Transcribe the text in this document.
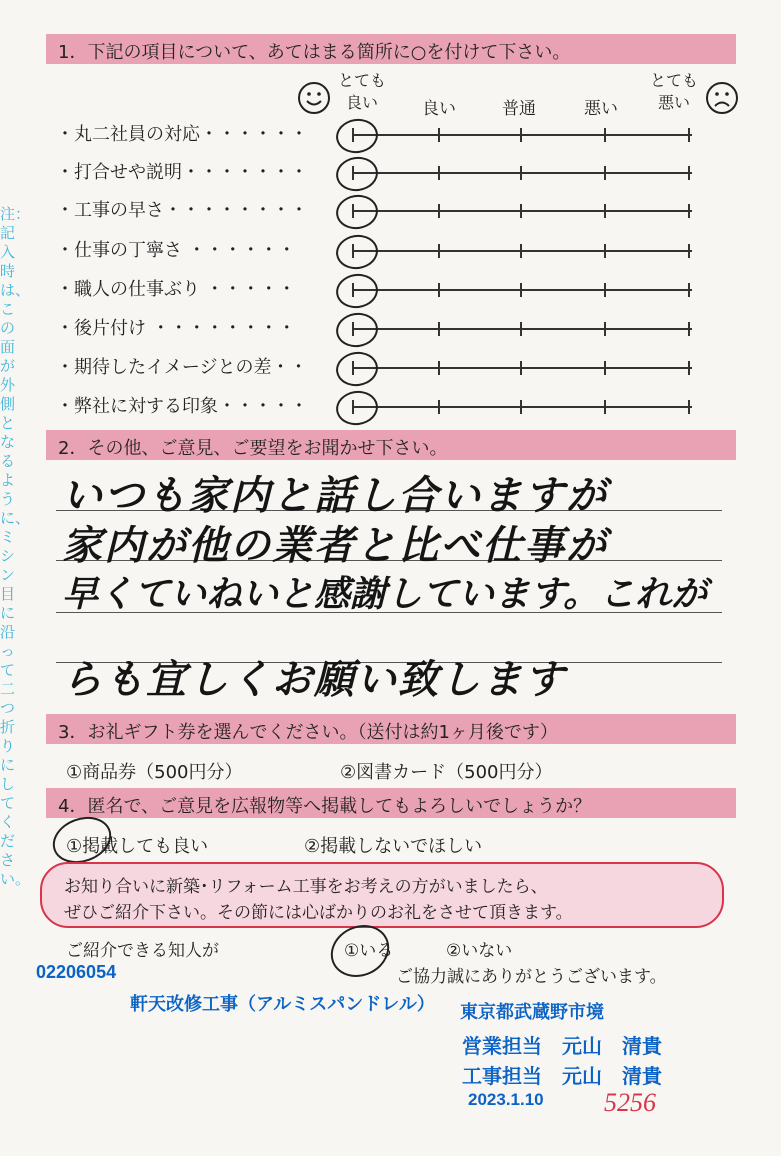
注：記入時は、この面が外側となるように、ミシン目に沿って二つ折りにしてください。
1．下記の項目について、あてはまる箇所に○を付けて下さい。
とても
良い	良い	普通	悪い
とても
悪い
・丸二社員の対応・・・・・・
・打合せや説明・・・・・・・
・工事の早さ・・・・・・・・
・仕事の丁寧さ ・・・・・・
・職人の仕事ぶり ・・・・・
・後片付け ・・・・・・・・
・期待したイメージとの差・・
・弊社に対する印象・・・・・
2．その他、ご意見、ご要望をお聞かせ下さい。
いつも家内と話し合いますが
家内が他の業者と比べ仕事が
早くていねいと感謝しています。これが
らも宜しくお願い致します
3．お礼ギフト券を選んでください。（送付は約1ヶ月後です）
①商品券（500円分）	②図書カード（500円分）
4．匿名で、ご意見を広報物等へ掲載してもよろしいでしょうか？
①掲載しても良い	②掲載しないでほしい
お知り合いに新築･リフォーム工事をお考えの方がいましたら、
ぜひご紹介下さい。その節には心ばかりのお礼をさせて頂きます。
ご紹介できる知人が	①いる	②いない
ご協力誠にありがとうございます。
02206054
軒天改修工事（アルミスパンドレル） 東京都武蔵野市境
営業担当　元山　清貴
工事担当　元山　清貴
2023.1.10 5256
